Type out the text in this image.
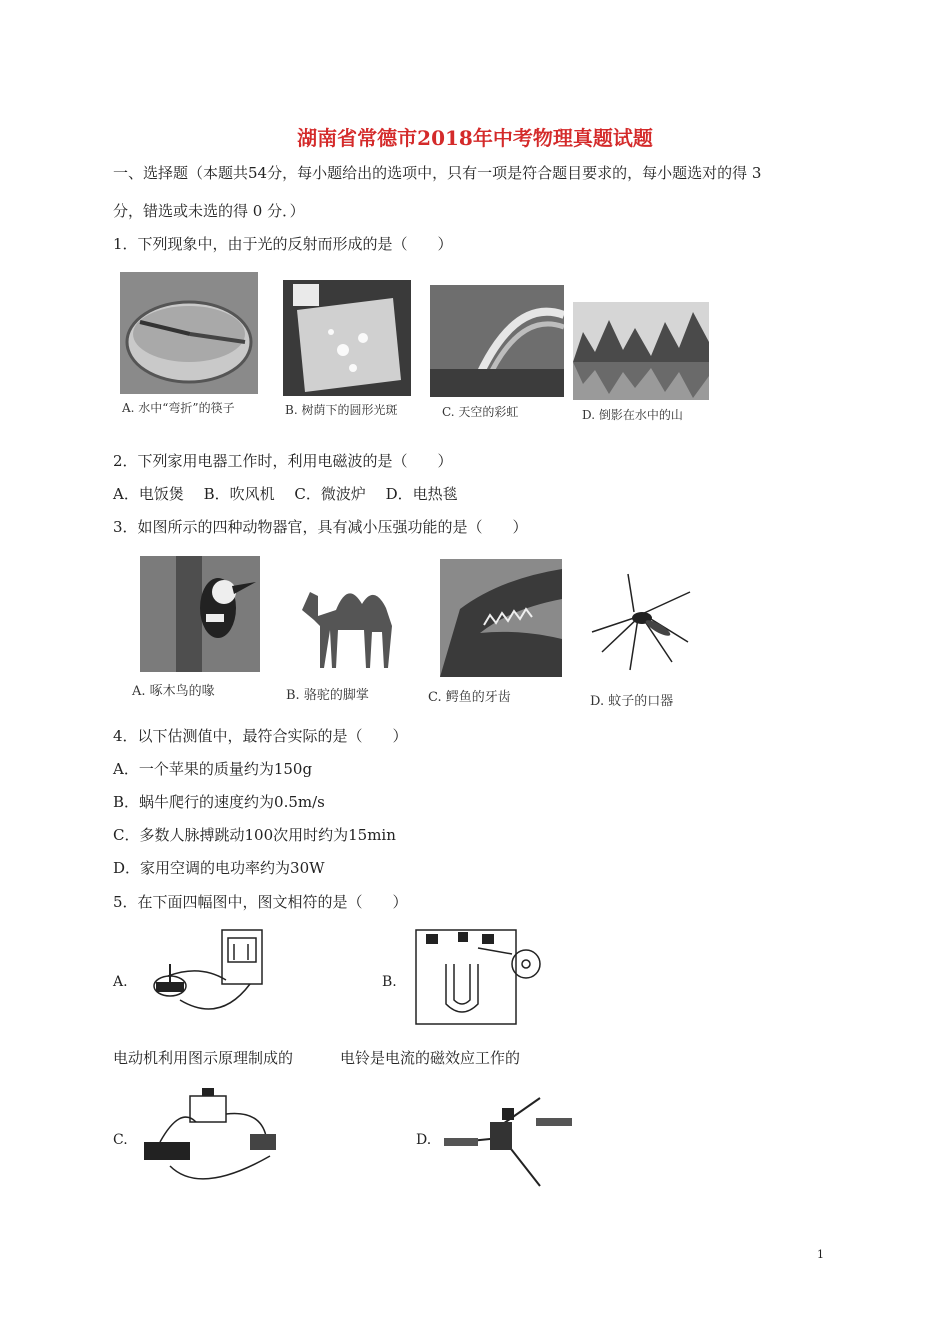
湖南省常德市2018年中考物理真题试题
一、选择题（本题共54分，每小题给出的选项中，只有一项是符合题目要求的，每小题选对的得 3
分，错选或未选的得 0 分．）
1．下列现象中，由于光的反射而形成的是（　　）
A. 水中“弯折”的筷子	B. 树荫下的圆形光斑	C. 天空的彩虹	D. 倒影在水中的山
2．下列家用电器工作时，利用电磁波的是（　　）
A．电饭煲　 B．吹风机　 C．微波炉　 D．电热毯
3．如图所示的四种动物器官，具有减小压强功能的是（　　）
A. 啄木鸟的喙	B. 骆驼的脚掌	C. 鳄鱼的牙齿	D. 蚊子的口器
4．以下估测值中，最符合实际的是（　　）
A．一个苹果的质量约为150g
B．蜗牛爬行的速度约为0.5m/s
C．多数人脉搏跳动100次用时约为15min
D．家用空调的电功率约为30W
5．在下面四幅图中，图文相符的是（　　）
A.	B.
电动机利用图示原理制成的	电铃是电流的磁效应工作的
C.	D.
1
